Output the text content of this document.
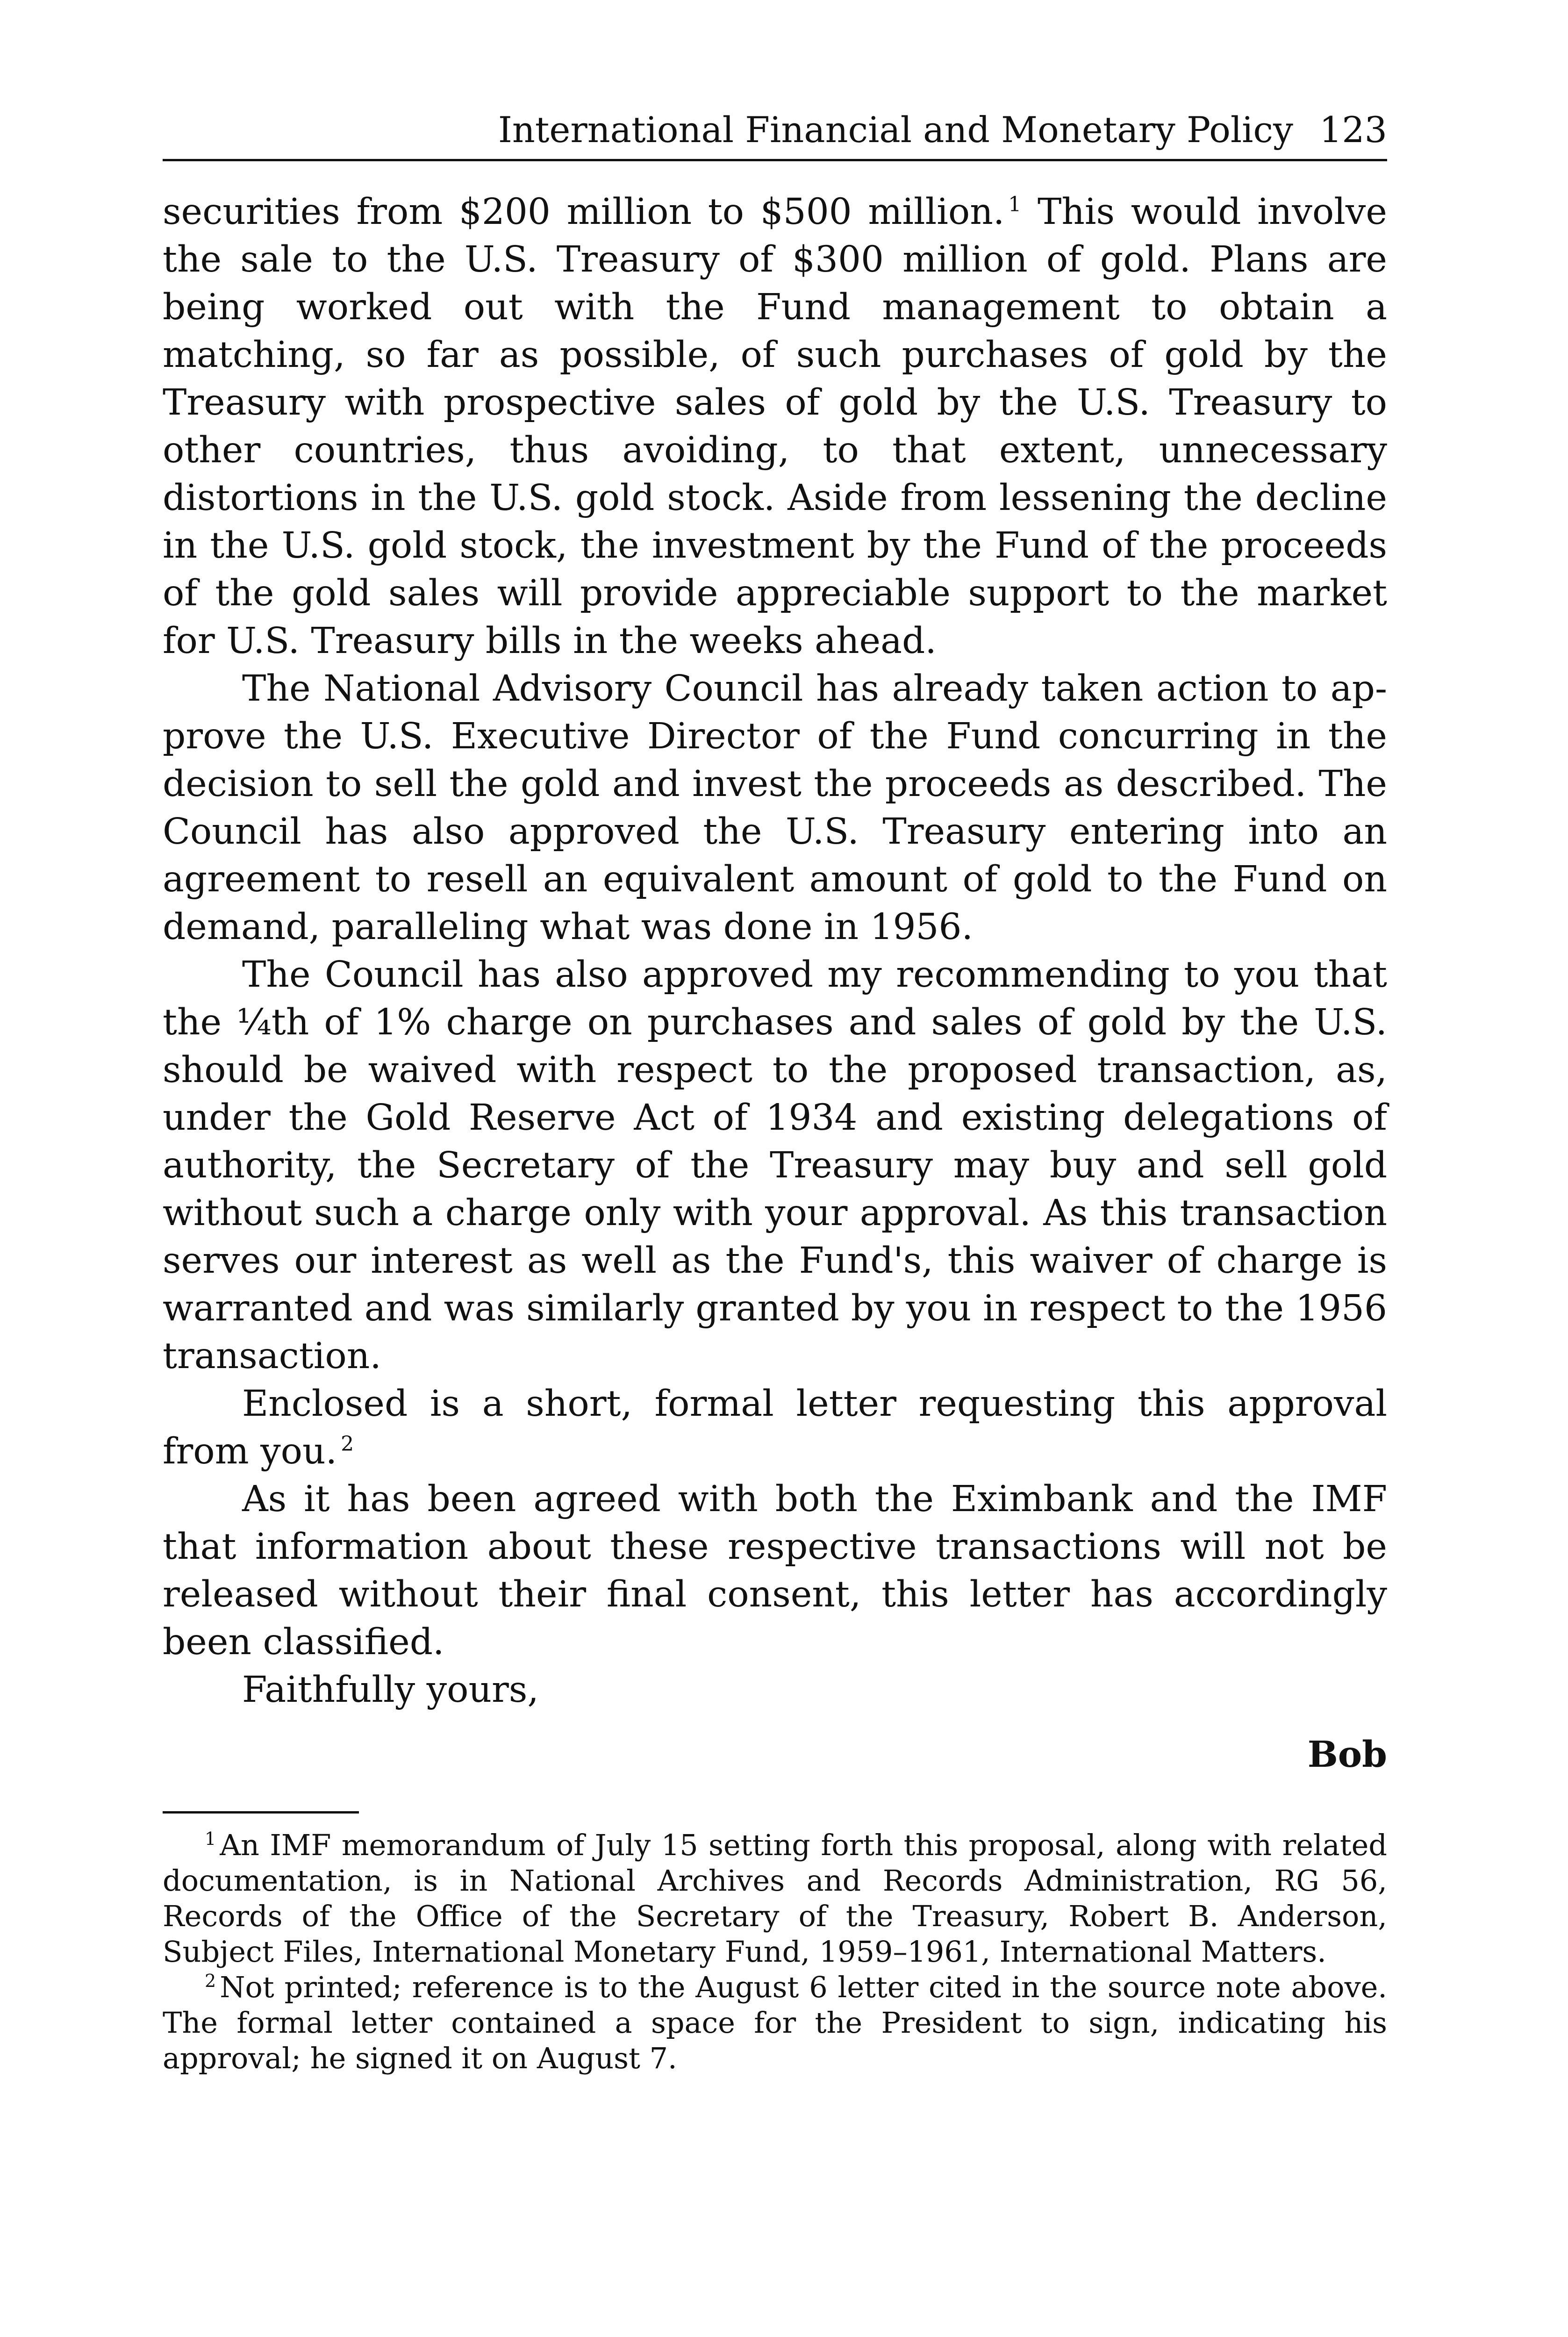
International Financial and Monetary Policy 123

securities from $200 million to $500 million. $^1$ This would involve the sale to the U.S. Treasury of $300 million of gold. Plans are being worked out with the Fund management to obtain a matching, so far as possible, of such purchases of gold by the Treasury with prospective sales of gold by the U.S. Treasury to other countries, thus avoiding, to that extent, unnecessary distortions in the U.S. gold stock. Aside from lessening the decline in the U.S. gold stock, the investment by the Fund of the proceeds of the gold sales will provide appreciable support to the market for U.S. Treasury bills in the weeks ahead.

The National Advisory Council has already taken action to approve the U.S. Executive Director of the Fund concurring in the decision to sell the gold and invest the proceeds as described. The Council has also approved the U.S. Treasury entering into an agreement to resell an equivalent amount of gold to the Fund on demand, paralleling what was done in 1956.

The Council has also approved my recommending to you that the ¼th of 1% charge on purchases and sales of gold by the U.S. should be waived with respect to the proposed transaction, as, under the Gold Reserve Act of 1934 and existing delegations of authority, the Secretary of the Treasury may buy and sell gold without such a charge only with your approval. As this transaction serves our interest as well as the Fund's, this waiver of charge is warranted and was similarly granted by you in respect to the 1956 transaction.

Enclosed is a short, formal letter requesting this approval from you. $^2$

As it has been agreed with both the Eximbank and the IMF that information about these respective transactions will not be released without their final consent, this letter has accordingly been classified.

Faithfully yours,

Bob

$^1$ An IMF memorandum of July 15 setting forth this proposal, along with related documentation, is in National Archives and Records Administration, RG 56, Records of the Office of the Secretary of the Treasury, Robert B. Anderson, Subject Files, International Monetary Fund, 1959–1961, International Matters.

$^2$ Not printed; reference is to the August 6 letter cited in the source note above. The formal letter contained a space for the President to sign, indicating his approval; he signed it on August 7.
